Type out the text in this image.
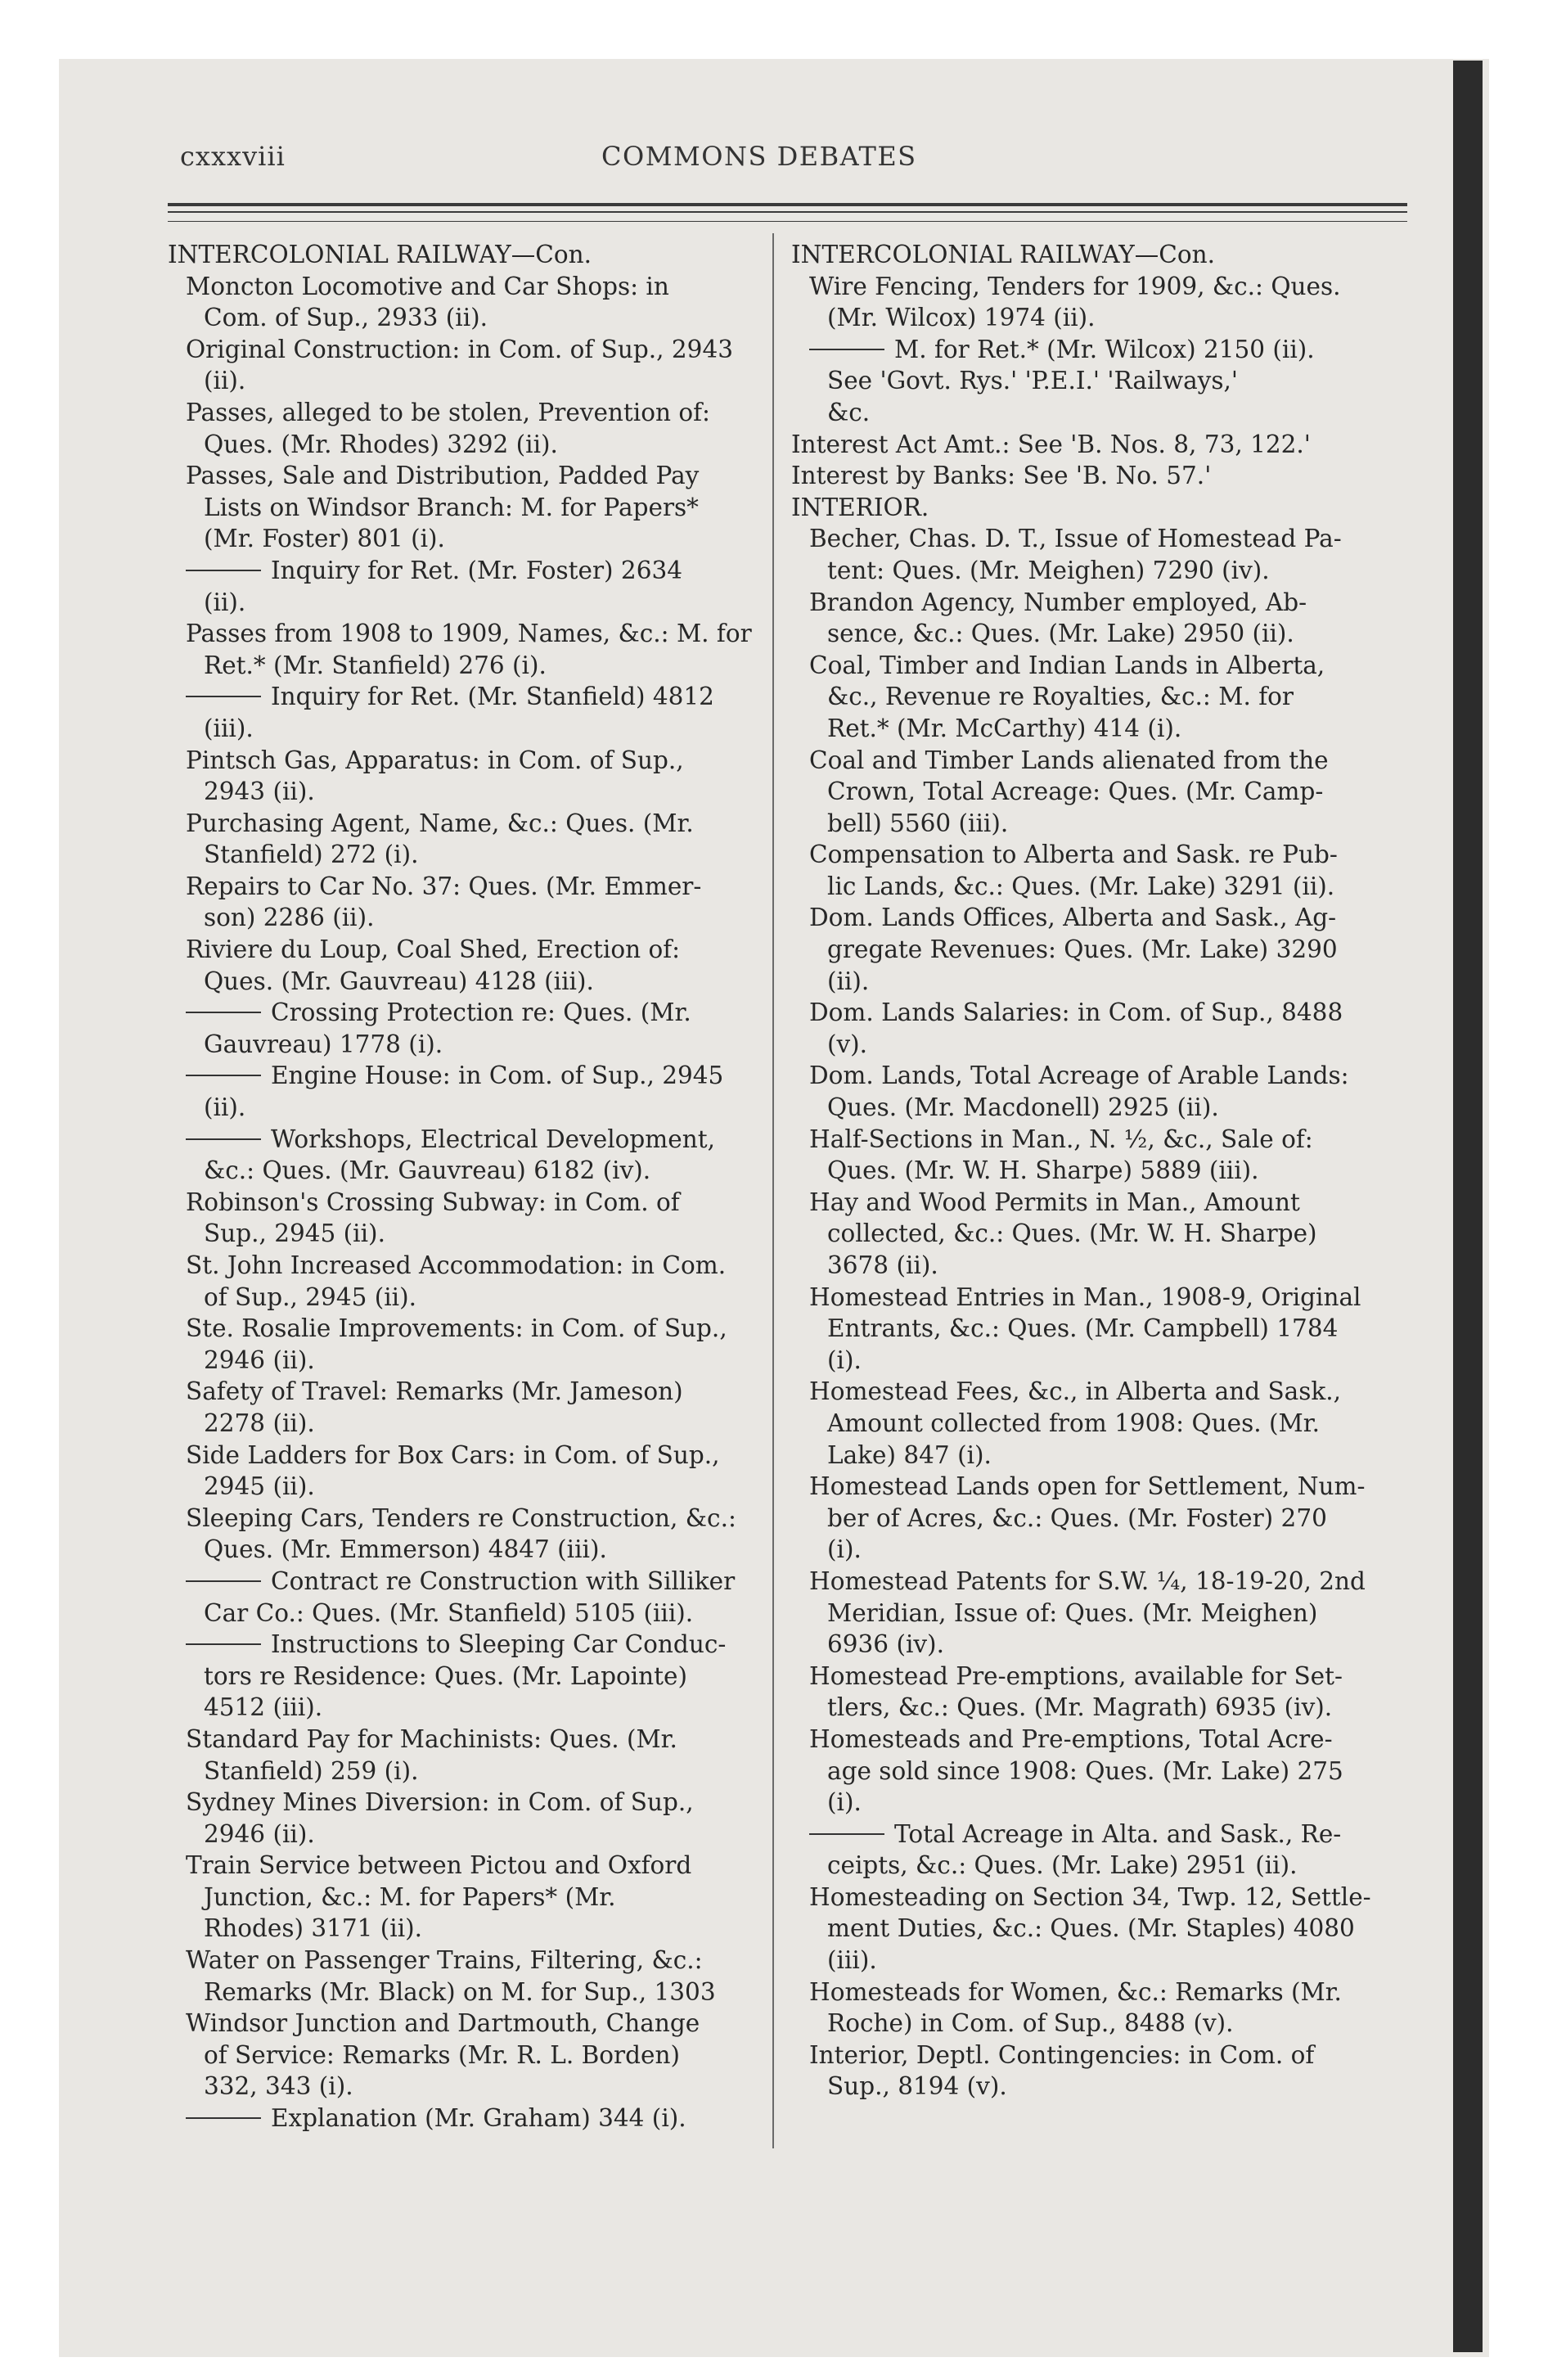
cxxxviii	COMMONS DEBATES
INTERCOLONIAL RAILWAY—Con.
Moncton Locomotive and Car Shops: in
Com. of Sup., 2933 (ii).
Original Construction: in Com. of Sup., 2943
(ii).
Passes, alleged to be stolen, Prevention of:
Ques. (Mr. Rhodes) 3292 (ii).
Passes, Sale and Distribution, Padded Pay
Lists on Windsor Branch: M. for Papers*
(Mr. Foster) 801 (i).
Inquiry for Ret. (Mr. Foster) 2634
(ii).
Passes from 1908 to 1909, Names, &c.: M. for
Ret.* (Mr. Stanfield) 276 (i).
Inquiry for Ret. (Mr. Stanfield) 4812
(iii).
Pintsch Gas, Apparatus: in Com. of Sup.,
2943 (ii).
Purchasing Agent, Name, &c.: Ques. (Mr.
Stanfield) 272 (i).
Repairs to Car No. 37: Ques. (Mr. Emmer-
son) 2286 (ii).
Riviere du Loup, Coal Shed, Erection of:
Ques. (Mr. Gauvreau) 4128 (iii).
Crossing Protection re: Ques. (Mr.
Gauvreau) 1778 (i).
Engine House: in Com. of Sup., 2945
(ii).
Workshops, Electrical Development,
&c.: Ques. (Mr. Gauvreau) 6182 (iv).
Robinson's Crossing Subway: in Com. of
Sup., 2945 (ii).
St. John Increased Accommodation: in Com.
of Sup., 2945 (ii).
Ste. Rosalie Improvements: in Com. of Sup.,
2946 (ii).
Safety of Travel: Remarks (Mr. Jameson)
2278 (ii).
Side Ladders for Box Cars: in Com. of Sup.,
2945 (ii).
Sleeping Cars, Tenders re Construction, &c.:
Ques. (Mr. Emmerson) 4847 (iii).
Contract re Construction with Silliker
Car Co.: Ques. (Mr. Stanfield) 5105 (iii).
Instructions to Sleeping Car Conduc-
tors re Residence: Ques. (Mr. Lapointe)
4512 (iii).
Standard Pay for Machinists: Ques. (Mr.
Stanfield) 259 (i).
Sydney Mines Diversion: in Com. of Sup.,
2946 (ii).
Train Service between Pictou and Oxford
Junction, &c.: M. for Papers* (Mr.
Rhodes) 3171 (ii).
Water on Passenger Trains, Filtering, &c.:
Remarks (Mr. Black) on M. for Sup., 1303
Windsor Junction and Dartmouth, Change
of Service: Remarks (Mr. R. L. Borden)
332, 343 (i).
Explanation (Mr. Graham) 344 (i).
INTERCOLONIAL RAILWAY—Con.
Wire Fencing, Tenders for 1909, &c.: Ques.
(Mr. Wilcox) 1974 (ii).
M. for Ret.* (Mr. Wilcox) 2150 (ii).
See 'Govt. Rys.' 'P.E.I.' 'Railways,'
&c.
Interest Act Amt.: See 'B. Nos. 8, 73, 122.'
Interest by Banks: See 'B. No. 57.'
INTERIOR.
Becher, Chas. D. T., Issue of Homestead Pa-
tent: Ques. (Mr. Meighen) 7290 (iv).
Brandon Agency, Number employed, Ab-
sence, &c.: Ques. (Mr. Lake) 2950 (ii).
Coal, Timber and Indian Lands in Alberta,
&c., Revenue re Royalties, &c.: M. for
Ret.* (Mr. McCarthy) 414 (i).
Coal and Timber Lands alienated from the
Crown, Total Acreage: Ques. (Mr. Camp-
bell) 5560 (iii).
Compensation to Alberta and Sask. re Pub-
lic Lands, &c.: Ques. (Mr. Lake) 3291 (ii).
Dom. Lands Offices, Alberta and Sask., Ag-
gregate Revenues: Ques. (Mr. Lake) 3290
(ii).
Dom. Lands Salaries: in Com. of Sup., 8488
(v).
Dom. Lands, Total Acreage of Arable Lands:
Ques. (Mr. Macdonell) 2925 (ii).
Half-Sections in Man., N. ½, &c., Sale of:
Ques. (Mr. W. H. Sharpe) 5889 (iii).
Hay and Wood Permits in Man., Amount
collected, &c.: Ques. (Mr. W. H. Sharpe)
3678 (ii).
Homestead Entries in Man., 1908-9, Original
Entrants, &c.: Ques. (Mr. Campbell) 1784
(i).
Homestead Fees, &c., in Alberta and Sask.,
Amount collected from 1908: Ques. (Mr.
Lake) 847 (i).
Homestead Lands open for Settlement, Num-
ber of Acres, &c.: Ques. (Mr. Foster) 270
(i).
Homestead Patents for S.W. ¼, 18-19-20, 2nd
Meridian, Issue of: Ques. (Mr. Meighen)
6936 (iv).
Homestead Pre-emptions, available for Set-
tlers, &c.: Ques. (Mr. Magrath) 6935 (iv).
Homesteads and Pre-emptions, Total Acre-
age sold since 1908: Ques. (Mr. Lake) 275
(i).
Total Acreage in Alta. and Sask., Re-
ceipts, &c.: Ques. (Mr. Lake) 2951 (ii).
Homesteading on Section 34, Twp. 12, Settle-
ment Duties, &c.: Ques. (Mr. Staples) 4080
(iii).
Homesteads for Women, &c.: Remarks (Mr.
Roche) in Com. of Sup., 8488 (v).
Interior, Deptl. Contingencies: in Com. of
Sup., 8194 (v).
